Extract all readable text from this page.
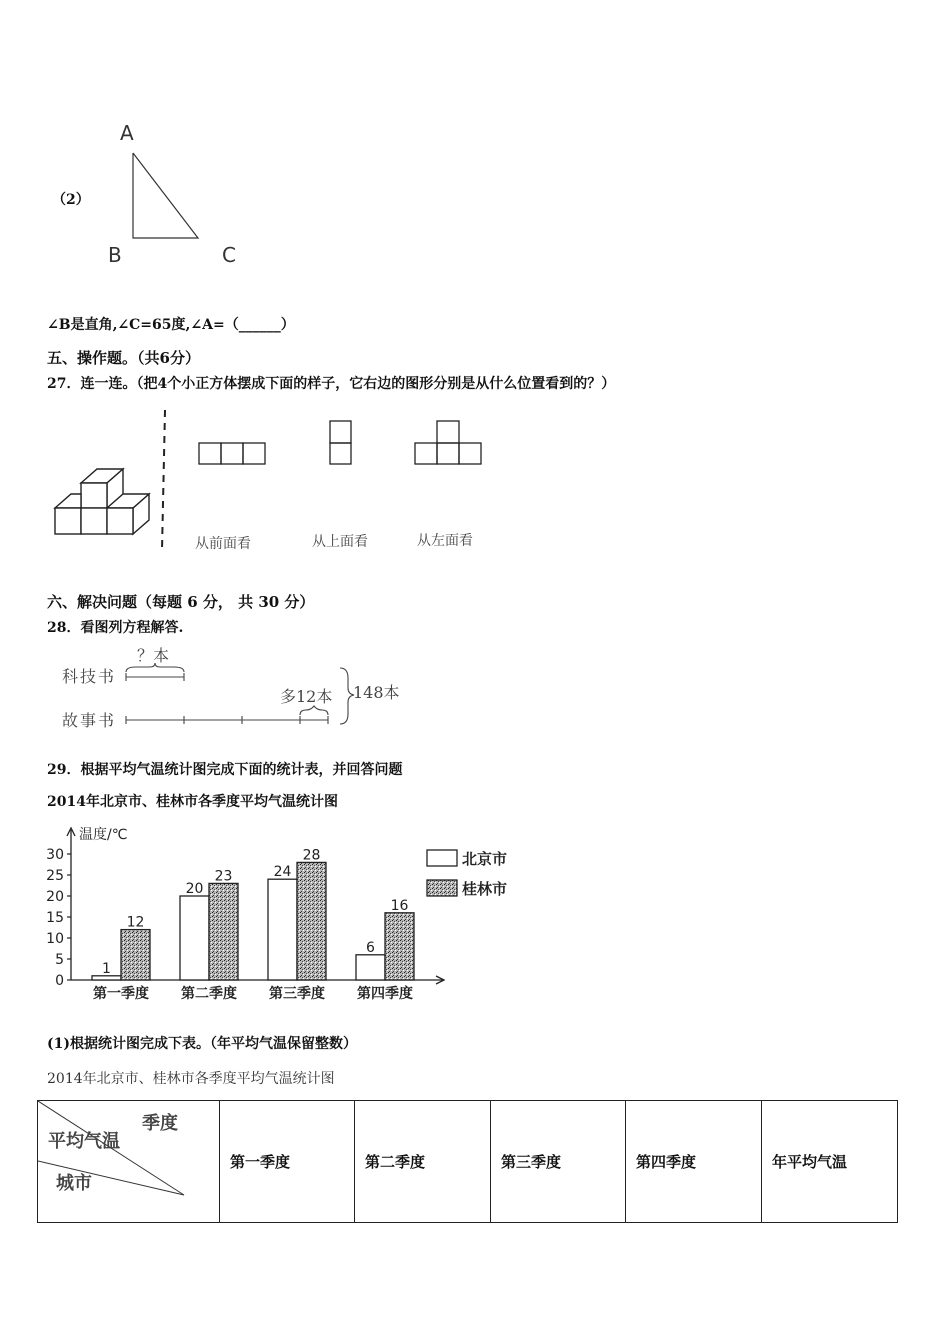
（2）
A
B	C
∠B是直角,∠C=65度,∠A=（______）
五、操作题。（共6分）
27．连一连。（把4个小正方体摆成下面的样子，它右边的图形分别是从什么位置看到的？）
从前面看	从上面看	从左面看
六、解决问题（每题 6 分， 共 30 分）
28．看图列方程解答.
科技书
故事书
？本
多12本 148本
29．根据平均气温统计图完成下面的统计表，并回答问题
2014年北京市、桂林市各季度平均气温统计图
温度/℃
0
5
10
15
20
25
30
1
12
第一季度
20
23
第二季度
24
28
第三季度
6
16
第四季度
北京市
桂林市
(1)根据统计图完成下表。（年平均气温保留整数）
2014年北京市、桂林市各季度平均气温统计图
季度
平均气温
城市
	第一季度	第二季度	第三季度	第四季度	年平均气温
